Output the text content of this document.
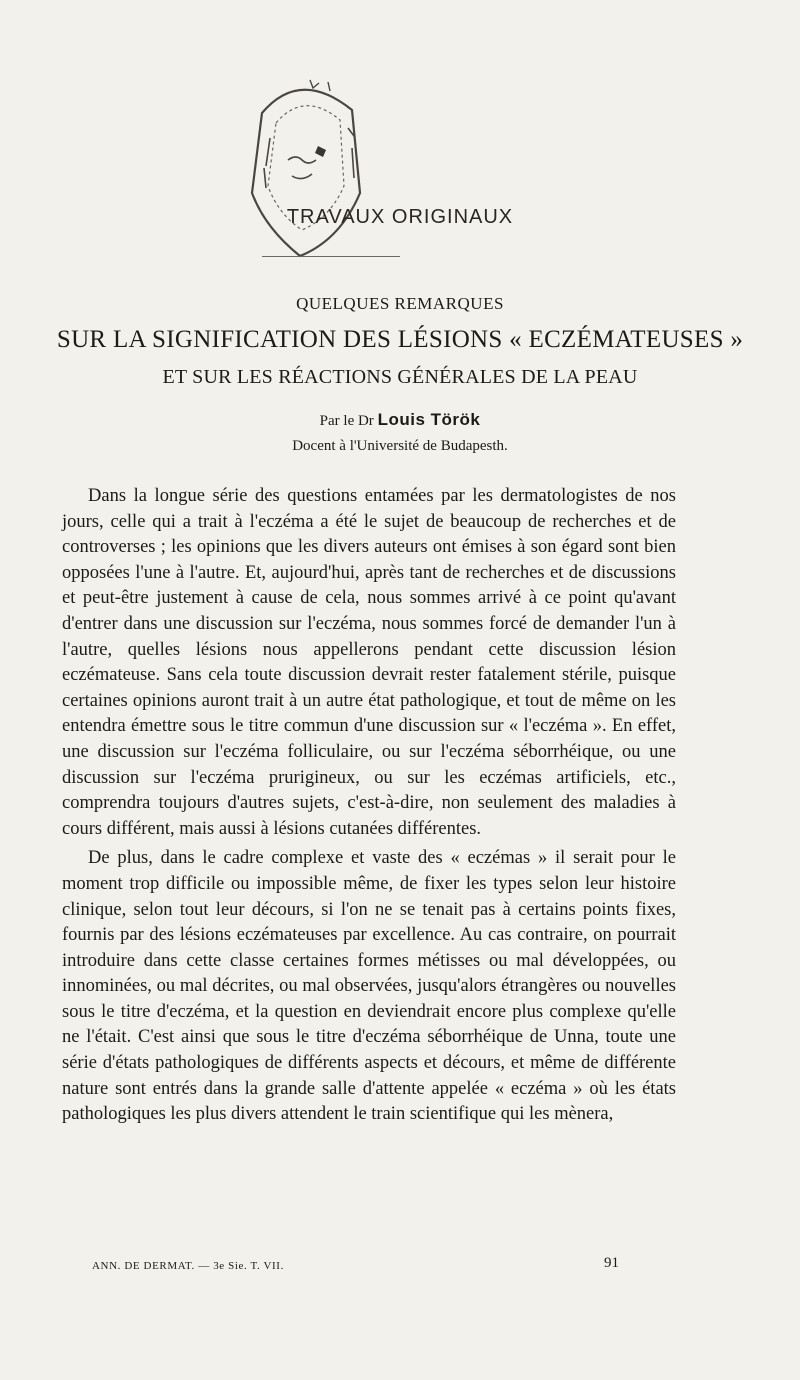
TRAVAUX ORIGINAUX
QUELQUES REMARQUES
SUR LA SIGNIFICATION DES LÉSIONS « ECZÉMATEUSES »
ET SUR LES RÉACTIONS GÉNÉRALES DE LA PEAU
Par le Dr Louis Török
Docent à l'Université de Budapesth.

Dans la longue série des questions entamées par les dermatologistes de nos jours, celle qui a trait à l'eczéma a été le sujet de beaucoup de recherches et de controverses ; les opinions que les divers auteurs ont émises à son égard sont bien opposées l'une à l'autre. Et, aujourd'hui, après tant de recherches et de discussions et peut-être justement à cause de cela, nous sommes arrivé à ce point qu'avant d'entrer dans une discussion sur l'eczéma, nous sommes forcé de demander l'un à l'autre, quelles lésions nous appellerons pendant cette discussion lésion eczémateuse. Sans cela toute discussion devrait rester fatalement stérile, puisque certaines opinions auront trait à un autre état pathologique, et tout de même on les entendra émettre sous le titre commun d'une discussion sur « l'eczéma ». En effet, une discussion sur l'eczéma folliculaire, ou sur l'eczéma séborrhéique, ou une discussion sur l'eczéma prurigineux, ou sur les eczémas artificiels, etc., comprendra toujours d'autres sujets, c'est-à-dire, non seulement des maladies à cours différent, mais aussi à lésions cutanées différentes.

De plus, dans le cadre complexe et vaste des « eczémas » il serait pour le moment trop difficile ou impossible même, de fixer les types selon leur histoire clinique, selon tout leur décours, si l'on ne se tenait pas à certains points fixes, fournis par des lésions eczémateuses par excellence. Au cas contraire, on pourrait introduire dans cette classe certaines formes métisses ou mal développées, ou innominées, ou mal décrites, ou mal observées, jusqu'alors étrangères ou nouvelles sous le titre d'eczéma, et la question en deviendrait encore plus complexe qu'elle ne l'était. C'est ainsi que sous le titre d'eczéma séborrhéique de Unna, toute une série d'états pathologiques de différents aspects et décours, et même de différente nature sont entrés dans la grande salle d'attente appelée « eczéma » où les états pathologiques les plus divers attendent le train scientifique qui les mènera,

ANN. DE DERMAT. — 3e Sie. T. VII.	91
